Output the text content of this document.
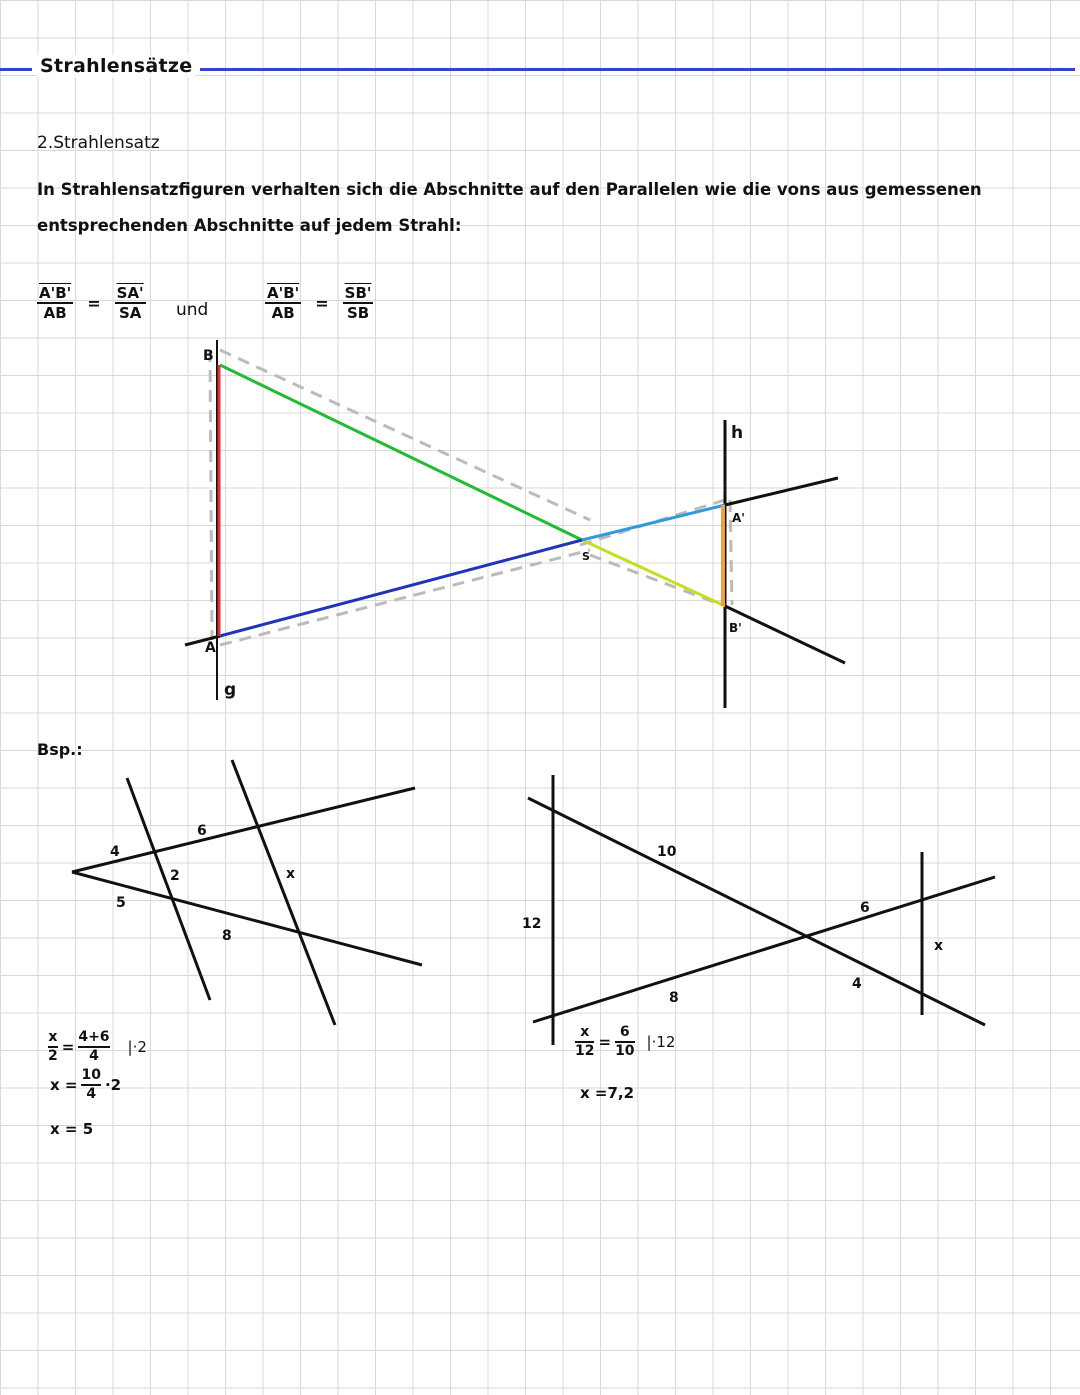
Strahlensätze
2.Strahlensatz
In Strahlensatzfiguren verhalten sich die Abschnitte auf den Parallelen wie die vons aus gemessenen entsprechenden Abschnitte auf jedem Strahl:
$\frac{A'B'}{AB} = \frac{SA'}{SA}$ und	$\frac{A'B'}{AB} = \frac{SB'}{SB}$
B
A
g
S
h
A'
B'
4
5
2
6
8
x
12
10
8
6
4
x
Bsp.:
x
2 =
4+6
4 |·2
x =
10
4 ·2
x = 5
x
12 =
6
10 |·12
x =7,2
